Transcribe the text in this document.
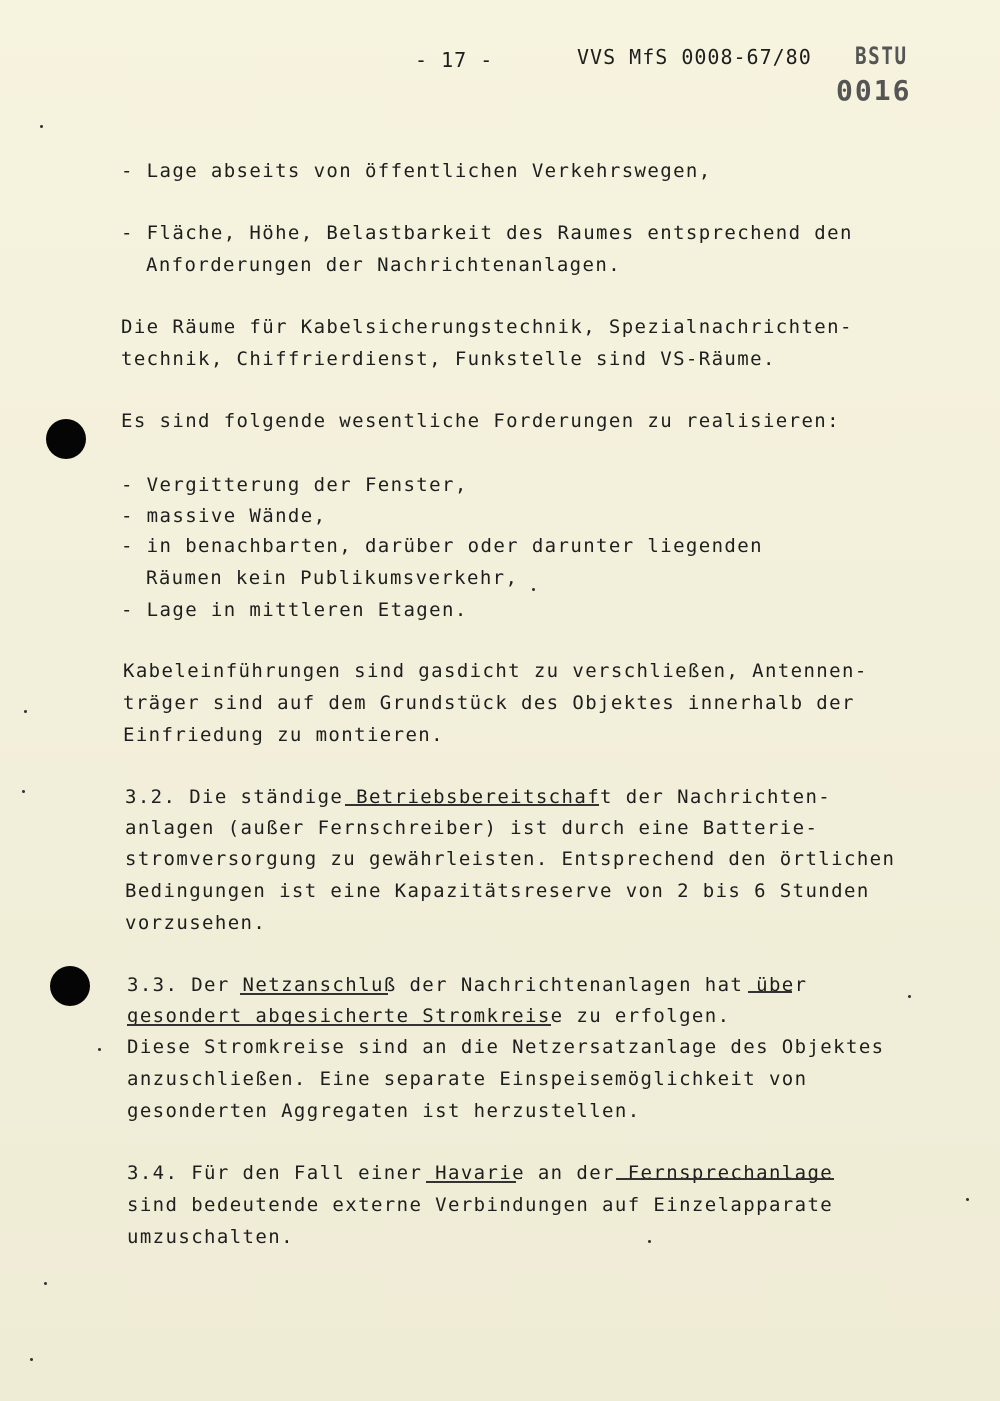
- 17 -	VVS MfS 0008-67/80 BSTU
0016
- Lage abseits von öffentlichen Verkehrswegen,
- Fläche, Höhe, Belastbarkeit des Raumes entsprechend den
Anforderungen der Nachrichtenanlagen.
Die Räume für Kabelsicherungstechnik, Spezialnachrichten-
technik, Chiffrierdienst, Funkstelle sind VS-Räume.
Es sind folgende wesentliche Forderungen zu realisieren:
- Vergitterung der Fenster,
- massive Wände,
- in benachbarten, darüber oder darunter liegenden
Räumen kein Publikumsverkehr,
- Lage in mittleren Etagen.
Kabeleinführungen sind gasdicht zu verschließen, Antennen-
träger sind auf dem Grundstück des Objektes innerhalb der
Einfriedung zu montieren.
3.2. Die ständige Betriebsbereitschaft der Nachrichten-
anlagen (außer Fernschreiber) ist durch eine Batterie-
stromversorgung zu gewährleisten. Entsprechend den örtlichen
Bedingungen ist eine Kapazitätsreserve von 2 bis 6 Stunden
vorzusehen.
3.3. Der Netzanschluß der Nachrichtenanlagen hat über
gesondert abgesicherte Stromkreise zu erfolgen.
Diese Stromkreise sind an die Netzersatzanlage des Objektes
anzuschließen. Eine separate Einspeisemöglichkeit von
gesonderten Aggregaten ist herzustellen.
3.4. Für den Fall einer Havarie an der Fernsprechanlage
sind bedeutende externe Verbindungen auf Einzelapparate
umzuschalten.
